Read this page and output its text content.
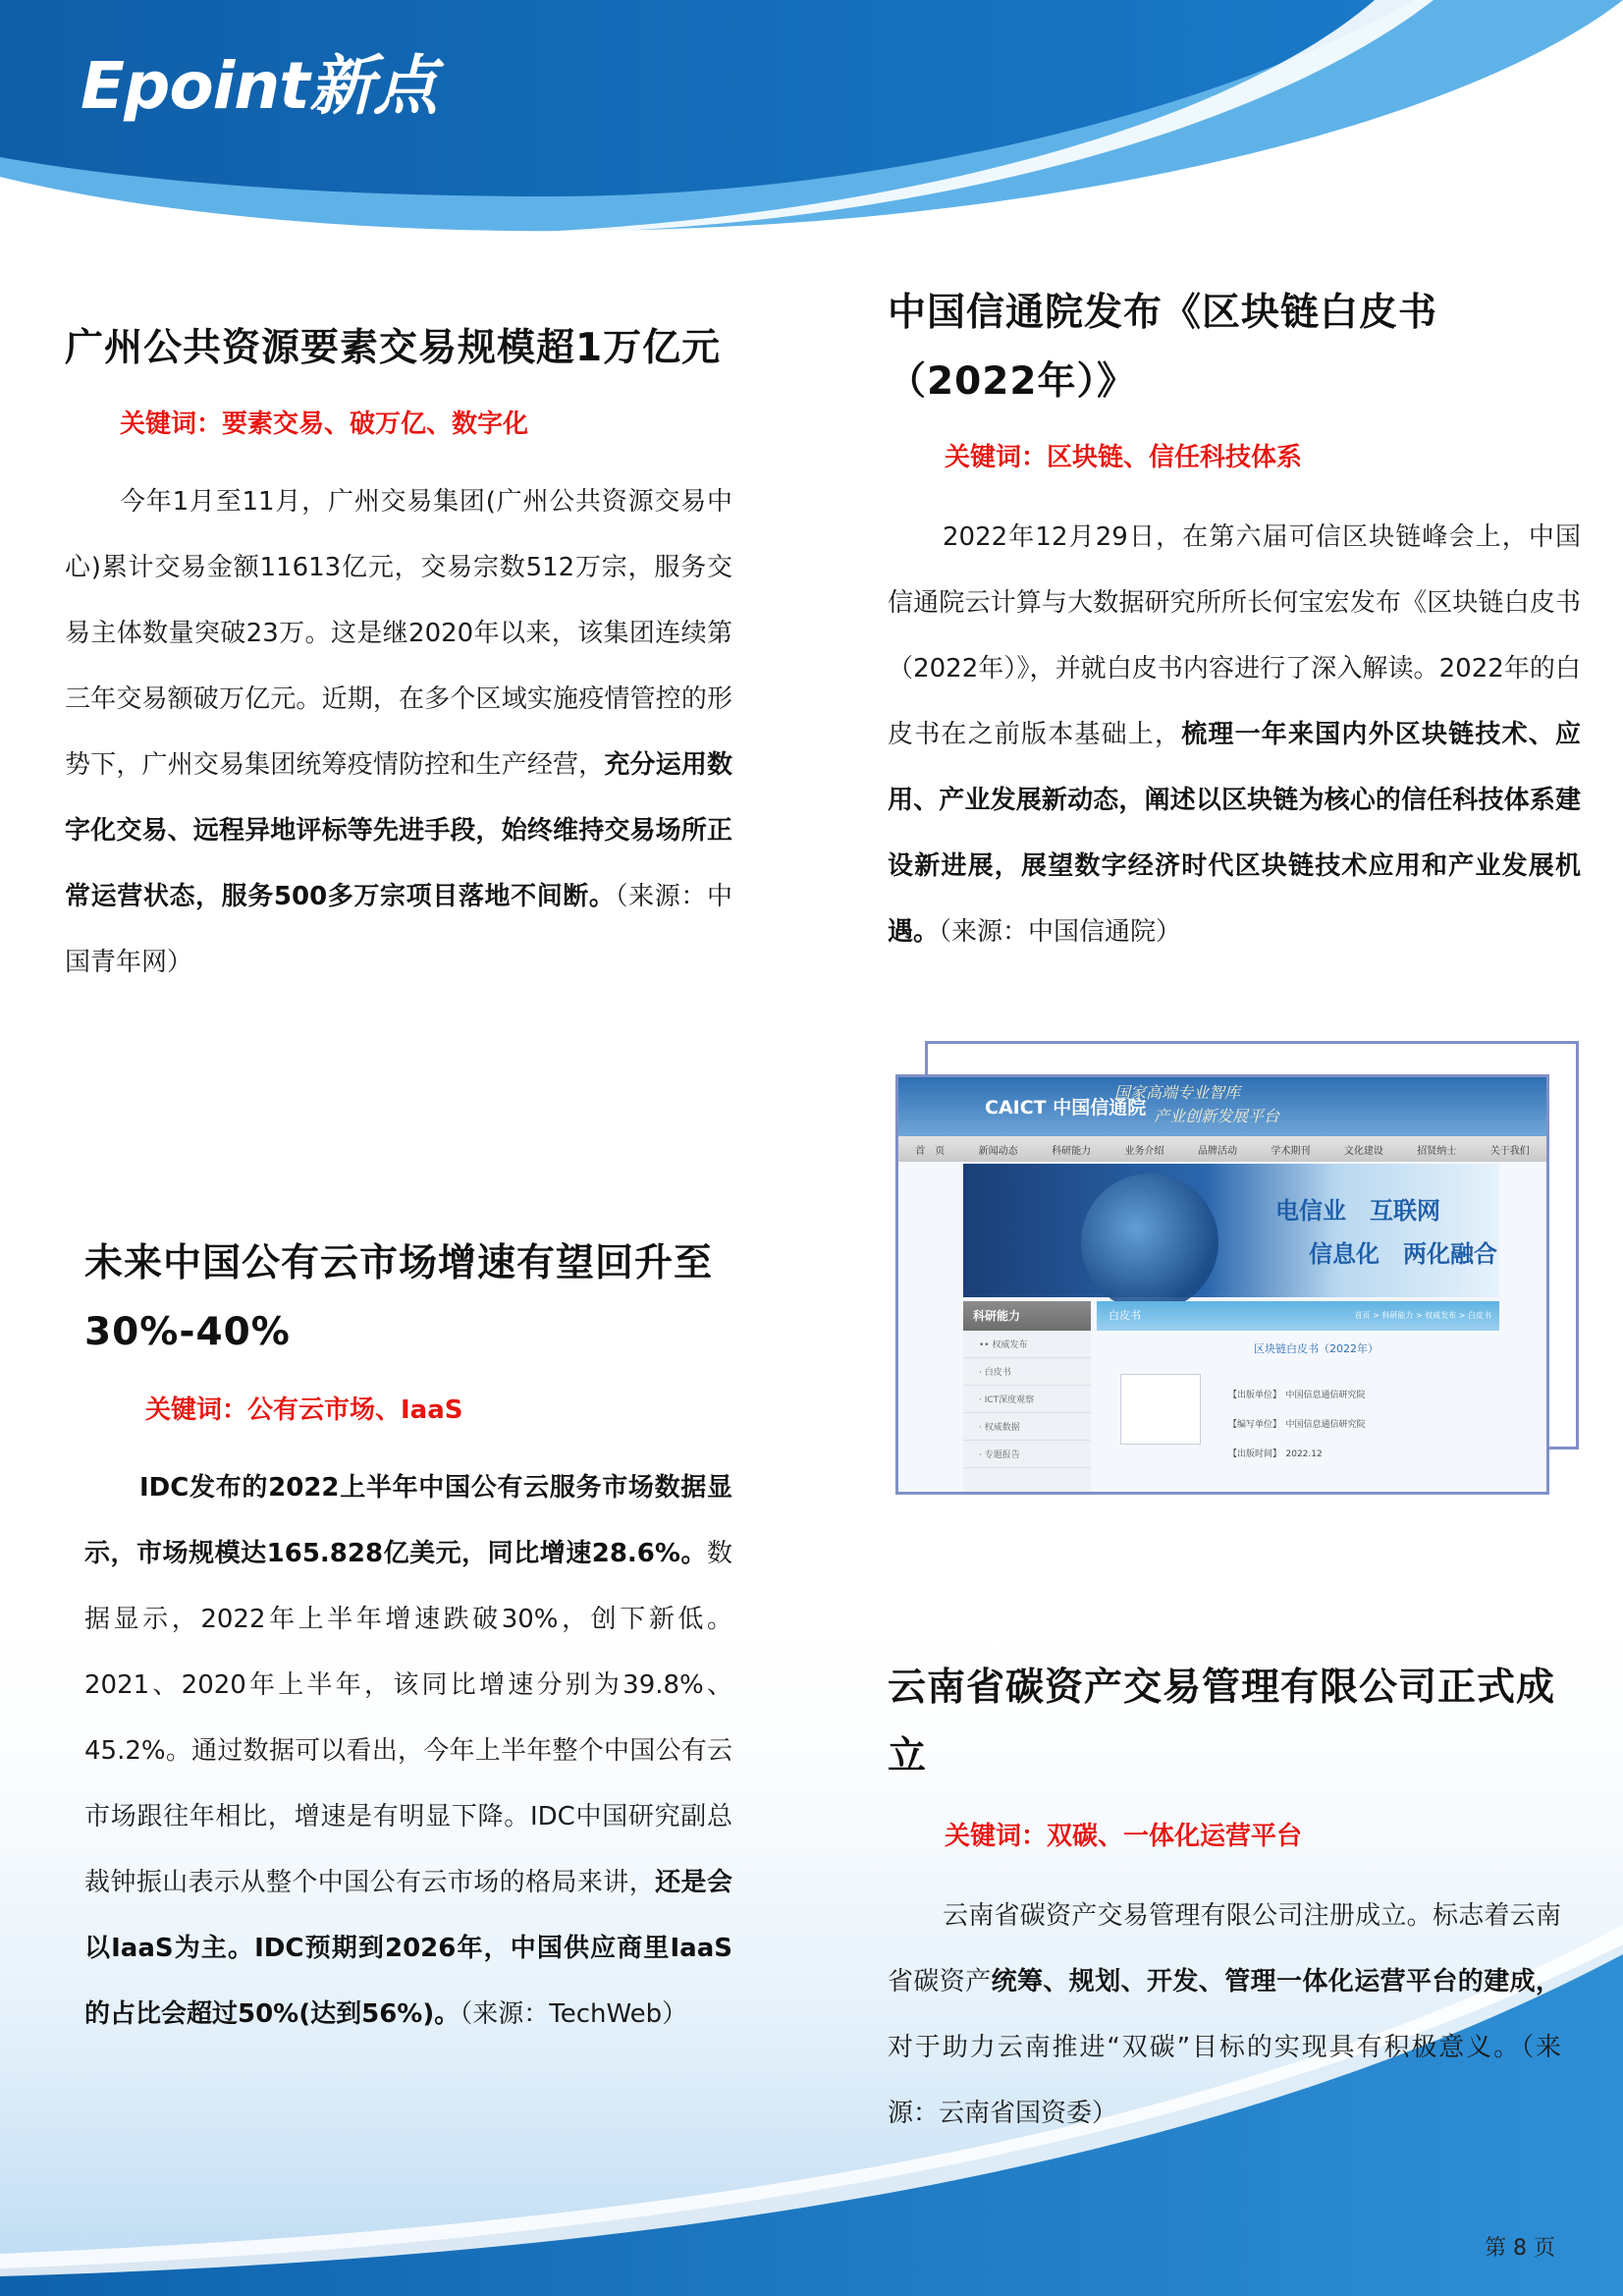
Epoint新点
广州公共资源要素交易规模超1万亿元

关键词：要素交易、破万亿、数字化

今年1月至11月，广州交易集团(广州公共资源交易中心)累计交易金额11613亿元，交易宗数512万宗，服务交易主体数量突破23万。这是继2020年以来，该集团连续第三年交易额破万亿元。近期，在多个区域实施疫情管控的形势下，广州交易集团统筹疫情防控和生产经营，充分运用数字化交易、远程异地评标等先进手段，始终维持交易场所正常运营状态，服务500多万宗项目落地不间断。（来源：中国青年网）

未来中国公有云市场增速有望回升至30%-40%

关键词：公有云市场、IaaS

IDC发布的2022上半年中国公有云服务市场数据显示，市场规模达165.828亿美元，同比增速28.6%。数据显示，2022年上半年增速跌破30%，创下新低。2021、2020年上半年，该同比增速分别为39.8%、45.2%。通过数据可以看出，今年上半年整个中国公有云市场跟往年相比，增速是有明显下降。IDC中国研究副总裁钟振山表示从整个中国公有云市场的格局来讲，还是会以IaaS为主。IDC预期到2026年，中国供应商里IaaS的占比会超过50%(达到56%)。（来源：TechWeb）

中国信通院发布《区块链白皮书（2022年）》

关键词：区块链、信任科技体系

2022年12月29日，在第六届可信区块链峰会上，中国信通院云计算与大数据研究所所长何宝宏发布《区块链白皮书（2022年）》，并就白皮书内容进行了深入解读。2022年的白皮书在之前版本基础上，梳理一年来国内外区块链技术、应用、产业发展新动态，阐述以区块链为核心的信任科技体系建设新进展，展望数字经济时代区块链技术应用和产业发展机遇。（来源：中国信通院）

CAICT 中国信通院
国家高端专业智库
产业创新发展平台
首　页	新闻动态	科研能力	业务介绍	品牌活动	学术期刊	文化建设	招贤纳士	关于我们
电信业　互联网
信息化　两化融合
科研能力
•• 权威发布
· 白皮书
· ICT深度观察
· 权威数据
· 专题报告
白皮书	首页 > 科研能力 > 权威发布 > 白皮书
区块链白皮书（2022年）
【出版单位】　中国信息通信研究院
【编写单位】　中国信息通信研究院
【出版时间】　2022.12
云南省碳资产交易管理有限公司正式成立

关键词：双碳、一体化运营平台

云南省碳资产交易管理有限公司注册成立。标志着云南省碳资产统筹、规划、开发、管理一体化运营平台的建成，对于助力云南推进“双碳”目标的实现具有积极意义。（来源：云南省国资委）

第 8 页
